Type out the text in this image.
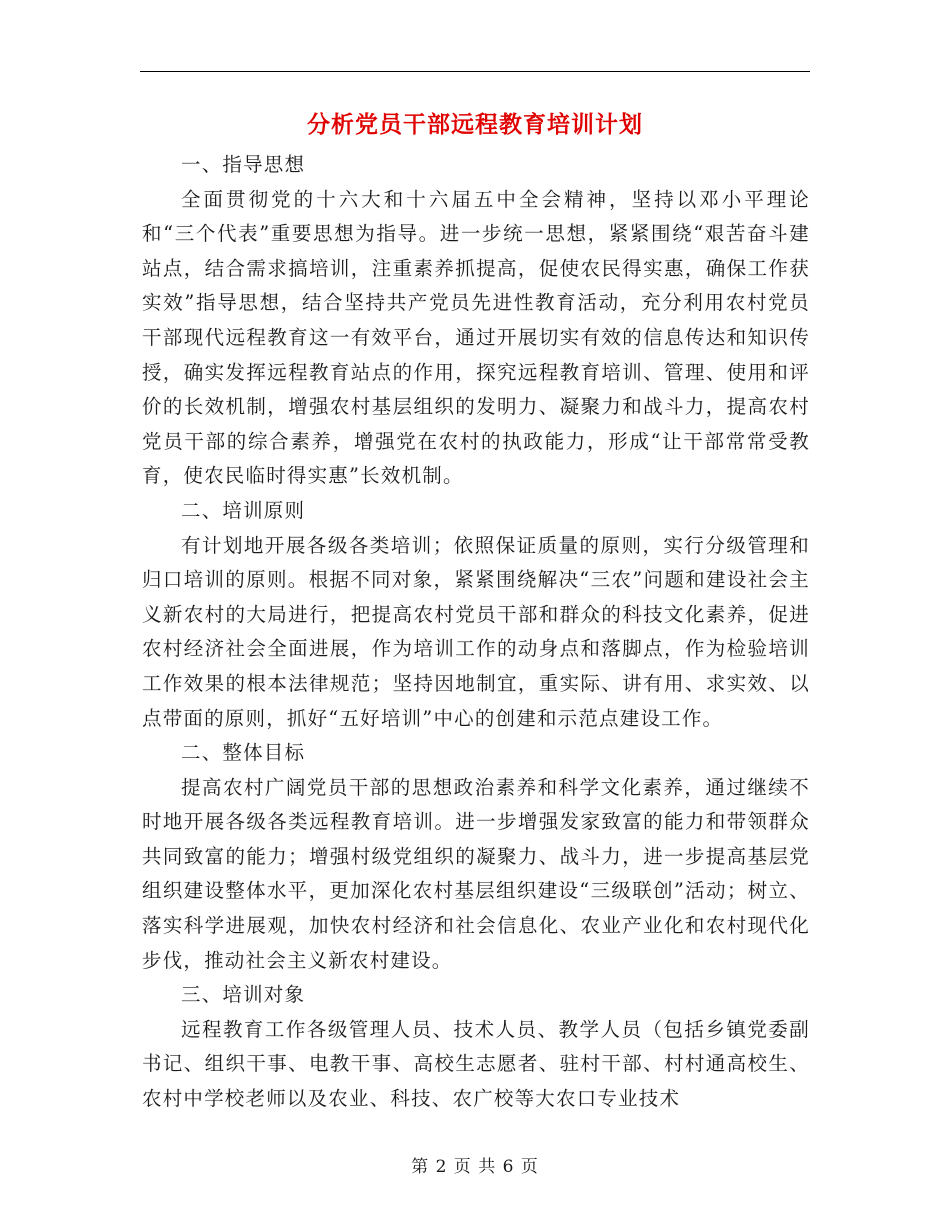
分析党员干部远程教育培训计划

一、指导思想

全面贯彻党的十六大和十六届五中全会精神，坚持以邓小平理论和“三个代表”重要思想为指导。进一步统一思想，紧紧围绕“艰苦奋斗建站点，结合需求搞培训，注重素养抓提高，促使农民得实惠，确保工作获实效”指导思想，结合坚持共产党员先进性教育活动，充分利用农村党员干部现代远程教育这一有效平台，通过开展切实有效的信息传达和知识传授，确实发挥远程教育站点的作用，探究远程教育培训、管理、使用和评价的长效机制，增强农村基层组织的发明力、凝聚力和战斗力，提高农村党员干部的综合素养，增强党在农村的执政能力，形成“让干部常常受教育，使农民临时得实惠”长效机制。

二、培训原则

有计划地开展各级各类培训；依照保证质量的原则，实行分级管理和归口培训的原则。根据不同对象，紧紧围绕解决“三农”问题和建设社会主义新农村的大局进行，把提高农村党员干部和群众的科技文化素养，促进农村经济社会全面进展，作为培训工作的动身点和落脚点，作为检验培训工作效果的根本法律规范；坚持因地制宜，重实际、讲有用、求实效、以点带面的原则，抓好“五好培训”中心的创建和示范点建设工作。

二、整体目标

提高农村广阔党员干部的思想政治素养和科学文化素养，通过继续不时地开展各级各类远程教育培训。进一步增强发家致富的能力和带领群众共同致富的能力；增强村级党组织的凝聚力、战斗力，进一步提高基层党组织建设整体水平，更加深化农村基层组织建设“三级联创”活动；树立、落实科学进展观，加快农村经济和社会信息化、农业产业化和农村现代化步伐，推动社会主义新农村建设。

三、培训对象

远程教育工作各级管理人员、技术人员、教学人员（包括乡镇党委副书记、组织干事、电教干事、高校生志愿者、驻村干部、村村通高校生、农村中学校老师以及农业、科技、农广校等大农口专业技术

第 2 页 共 6 页
